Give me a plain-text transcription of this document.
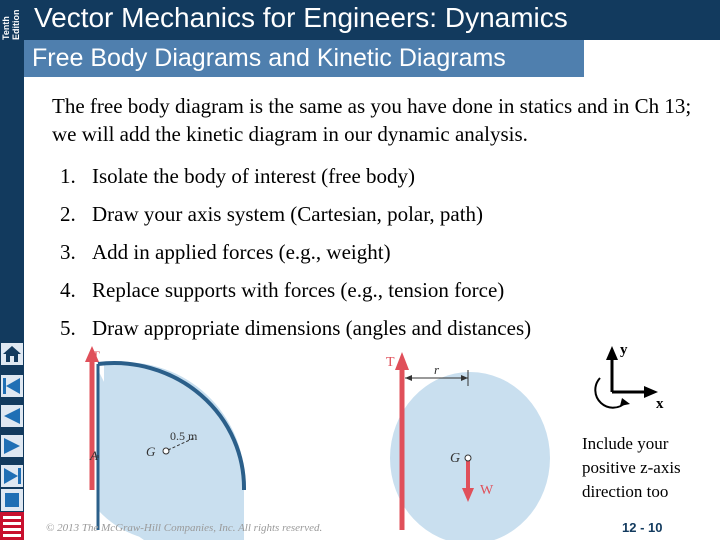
Tenth Edition Vector Mechanics for Engineers: Dynamics
Free Body Diagrams and Kinetic Diagrams
The free body diagram is the same as you have done in statics and in Ch 13; we will add the kinetic diagram in our dynamic analysis.
1. Isolate the body of interest (free body)
2. Draw your axis system (Cartesian, polar, path)
3. Add in applied forces (e.g., weight)
4. Replace supports with forces (e.g., tension force)
5. Draw appropriate dimensions (angles and distances)
T
A	G
0.5 m
T	r
G
W
y
x
Include your positive z-axis direction too
© 2013 The McGraw-Hill Companies, Inc. All rights reserved.	12 - 10
